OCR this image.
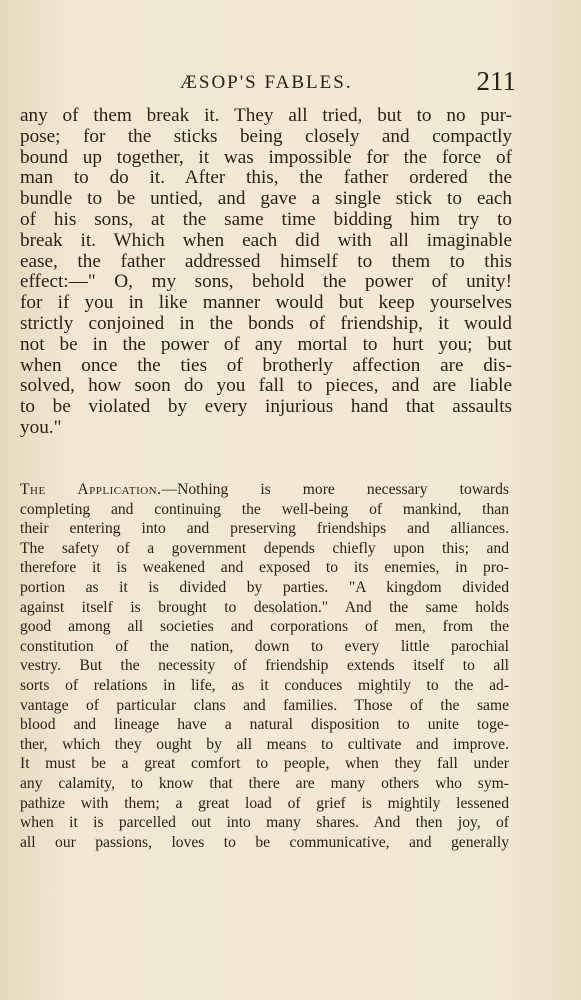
ÆSOP'S FABLES.	211
any of them break it. They all tried, but to no pur-
pose; for the sticks being closely and compactly
bound up together, it was impossible for the force of
man to do it. After this, the father ordered the
bundle to be untied, and gave a single stick to each
of his sons, at the same time bidding him try to
break it. Which when each did with all imaginable
ease, the father addressed himself to them to this
effect:—" O, my sons, behold the power of unity!
for if you in like manner would but keep yourselves
strictly conjoined in the bonds of friendship, it would
not be in the power of any mortal to hurt you; but
when once the ties of brotherly affection are dis-
solved, how soon do you fall to pieces, and are liable
to be violated by every injurious hand that assaults
you."
The Application.—Nothing is more necessary towards
completing and continuing the well-being of mankind, than
their entering into and preserving friendships and alliances.
The safety of a government depends chiefly upon this; and
therefore it is weakened and exposed to its enemies, in pro-
portion as it is divided by parties. "A kingdom divided
against itself is brought to desolation." And the same holds
good among all societies and corporations of men, from the
constitution of the nation, down to every little parochial
vestry. But the necessity of friendship extends itself to all
sorts of relations in life, as it conduces mightily to the ad-
vantage of particular clans and families. Those of the same
blood and lineage have a natural disposition to unite toge-
ther, which they ought by all means to cultivate and improve.
It must be a great comfort to people, when they fall under
any calamity, to know that there are many others who sym-
pathize with them; a great load of grief is mightily lessened
when it is parcelled out into many shares. And then joy, of
all our passions, loves to be communicative, and generally
